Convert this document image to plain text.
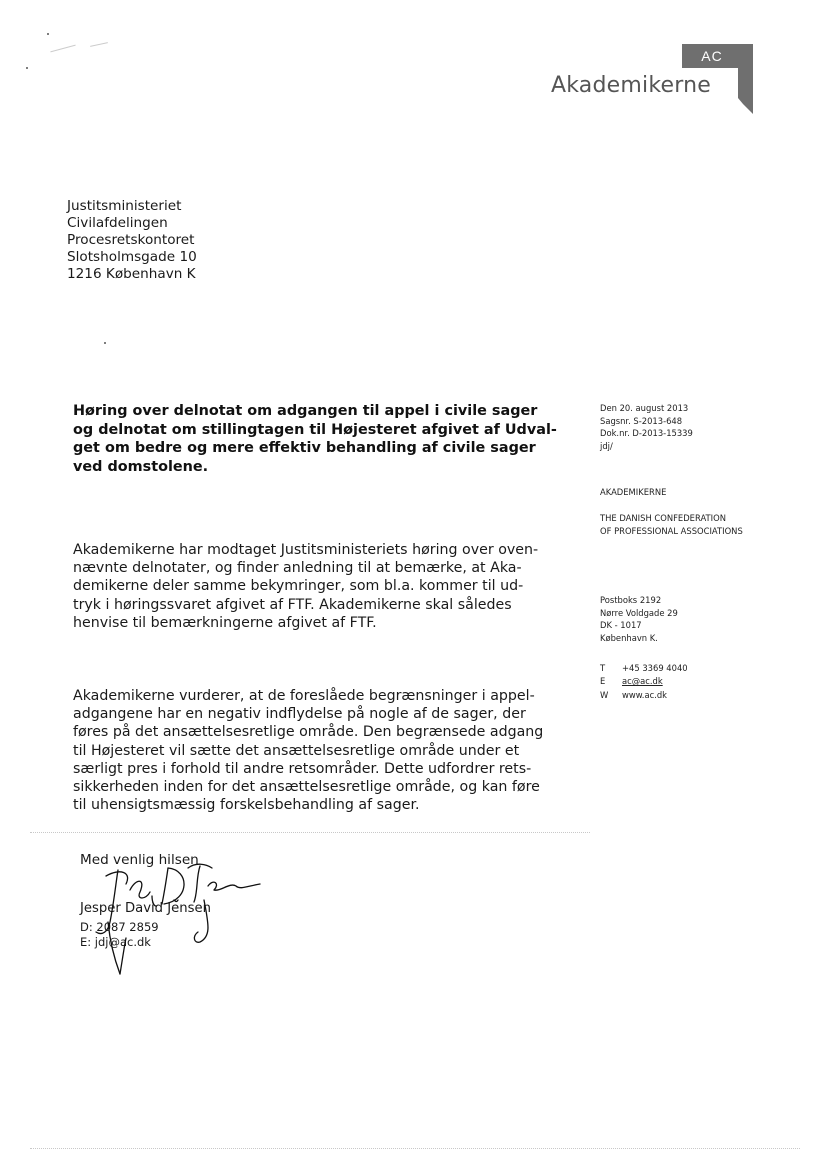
AC
Akademikerne
Justitsministeriet
Civilafdelingen
Procesretskontoret
Slotsholmsgade 10
1216 København K
Høring over delnotat om adgangen til appel i civile sager
og delnotat om stillingtagen til Højesteret afgivet af Udval-
get om bedre og mere effektiv behandling af civile sager
ved domstolene.
Akademikerne har modtaget Justitsministeriets høring over oven-
nævnte delnotater, og finder anledning til at bemærke, at Aka-
demikerne deler samme bekymringer, som bl.a. kommer til ud-
tryk i høringssvaret afgivet af FTF. Akademikerne skal således
henvise til bemærkningerne afgivet af FTF.
Akademikerne vurderer, at de foreslåede begrænsninger i appel-
adgangene har en negativ indflydelse på nogle af de sager, der
føres på det ansættelsesretlige område. Den begrænsede adgang
til Højesteret vil sætte det ansættelsesretlige område under et
særligt pres i forhold til andre retsområder. Dette udfordrer rets-
sikkerheden inden for det ansættelsesretlige område, og kan føre
til uhensigtsmæssig forskelsbehandling af sager.
Den 20. august 2013
Sagsnr. S-2013-648
Dok.nr. D-2013-15339
jdj/
AKADEMIKERNE
THE DANISH CONFEDERATION
OF PROFESSIONAL ASSOCIATIONS
Postboks 2192
Nørre Voldgade 29
DK - 1017
København K.
T +45 3369 4040
E ac@ac.dk
W www.ac.dk
Med venlig hilsen
Jesper David Jensen
D: 2087 2859
E: jdj@ac.dk
